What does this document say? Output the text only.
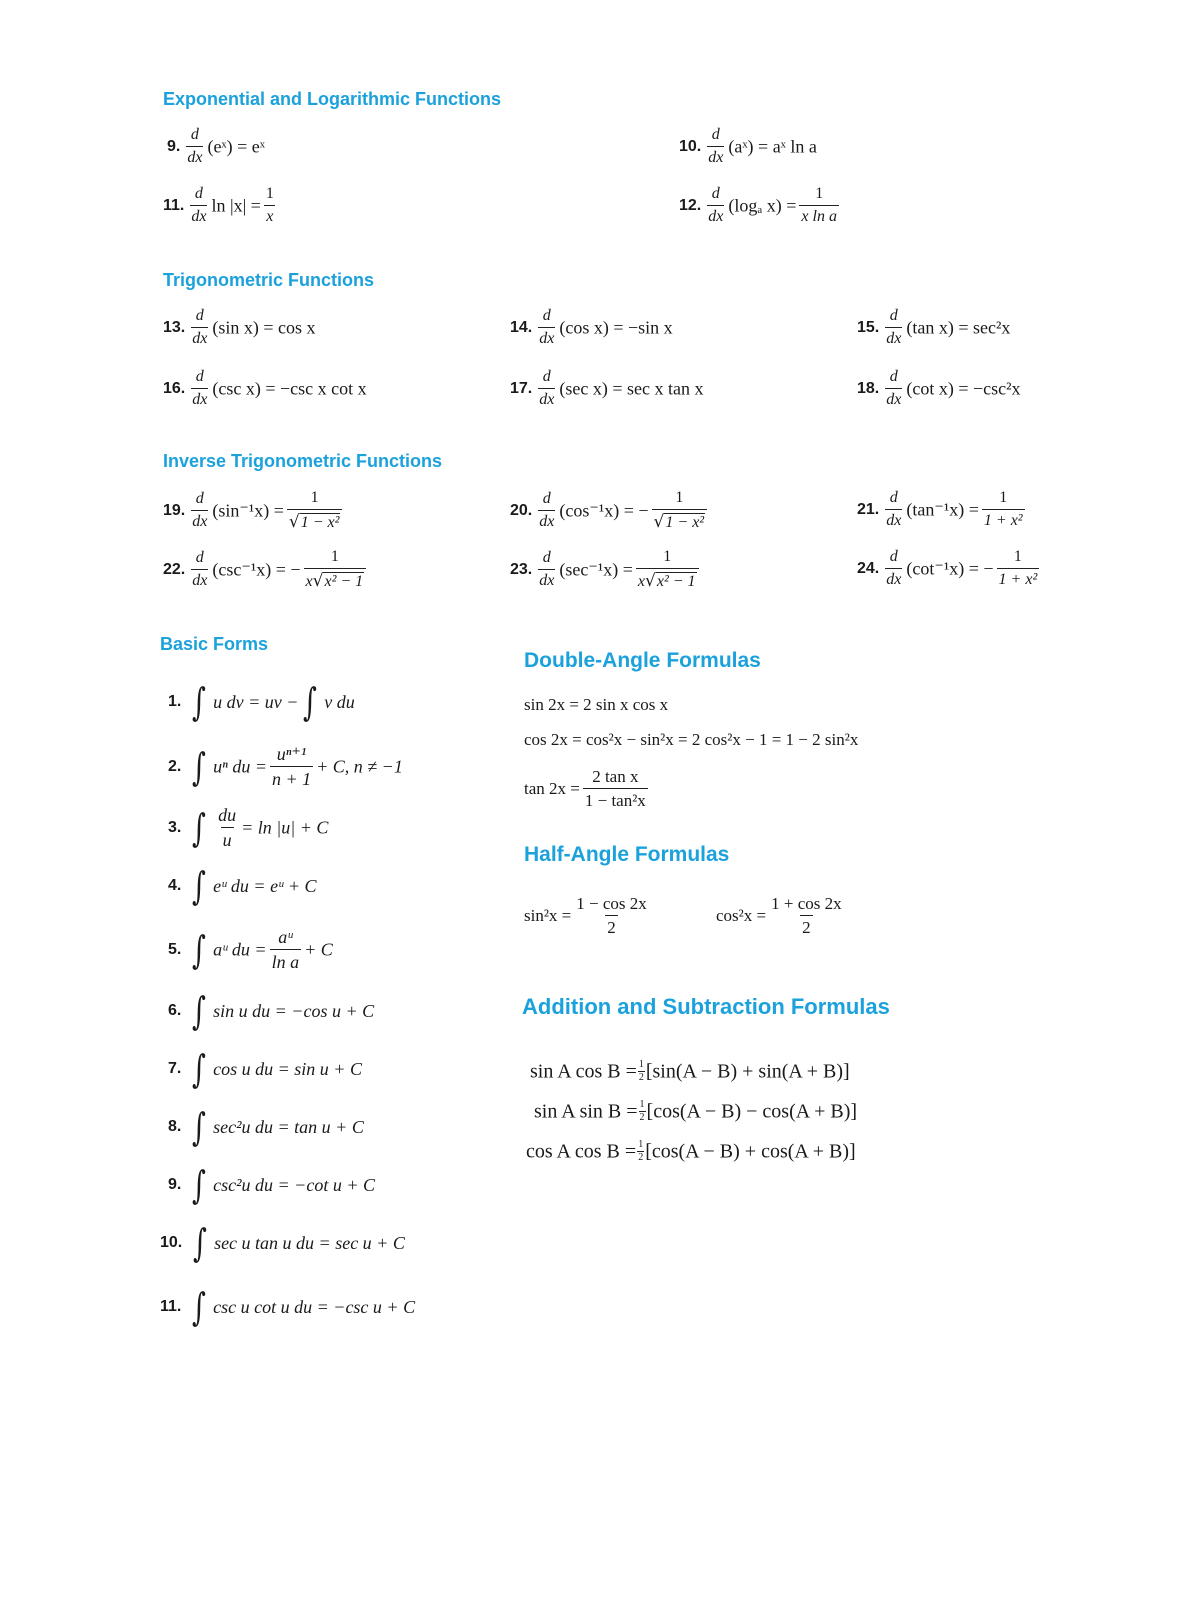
Exponential and Logarithmic Functions
Trigonometric Functions
Inverse Trigonometric Functions
Basic Forms
Double-Angle Formulas
Half-Angle Formulas
Addition and Subtraction Formulas
9. $\frac{d}{dx}$ (eˣ) = eˣ	10. $\frac{d}{dx}$ (aˣ) = aˣ ln a
11. $\frac{d}{dx}$ $\ln |x| = \frac{1}{x}$	12. $\frac{d}{dx} (\log_a$ $x) = \frac{1}{\text{x ln a}}$
13. $\frac{d}{dx} (\sin$ x) = cos x	14. $\frac{d}{dx} (\cos$ x) = −sin x	15. $\frac{d}{dx} (\tan$ x) = sec²x
16. $\frac{d}{dx} (\csc$ x) = −csc x cot x	17. $\frac{d}{dx} (\sec$ x) = sec x tan x	18. $\frac{d}{dx} (\cot$ x) = −csc²x
19. $\frac{d}{dx} (\sin^{-1}x) = \frac{1}{\text{√ 1 − x²}}$	20. $\frac{d}{dx} (\cos^{-1}x)$ = − $\frac{1}{\text{√ 1 − x²}}$	21. $\frac{d}{dx} (\tan^{-1}x) = \frac{1}{\text{1 + x²}}$
22. $\frac{d}{dx} (\csc^{-1}x)$ = − $\frac{1}{\text{x √ x² − 1}}$	23. $\frac{d}{dx} (\sec^{-1}x) = \frac{1}{\text{x √ x² − 1}}$	24. $\frac{d}{dx} (\cot^{-1}x)$ = − $\frac{1}{\text{1 + x²}}$
1. ∫ u dv = uv − ∫ v du
2. ∫ uⁿ du = $\frac{\text{uⁿ⁺¹}}{n + 1} + C$, n ≠ −1
3. ∫ $\frac{du}{u} = \ln |u| + C$
4. ∫ eᵘ du = eᵘ + C
5. ∫ aᵘ du = $\frac{\text{aᵘ}}{\text{ln a}} + C$
6. ∫ sin u du = −cos u + C
7. ∫ cos u du = sin u + C
8. ∫ sec²u du = tan u + C
9. ∫ csc²u du = −cot u + C
10. ∫ sec u tan u du = sec u + C
11. ∫ csc u cot u du = −csc u + C
sin 2x = 2 sin x cos x
cos 2x = cos²x − sin²x = 2 cos²x − 1 = 1 − 2 sin²x
$\tan 2x = \frac{\text{2 tan x}}{\text{1 − tan²x}}$
$\sin^2x = \frac{1 - \cos 2x}{2}$	$\cos^2x = \frac{1 + \cos 2x}{2}$
sin A $\cos B = \frac{1}{2} [\sin(A - B) + \sin(A + B)]$
sin A $\sin B = \frac{1}{2} [\cos(A - B) - \cos(A + B)]$
cos A $\cos B = \frac{1}{2} [\cos(A - B) + \cos(A + B)]$
